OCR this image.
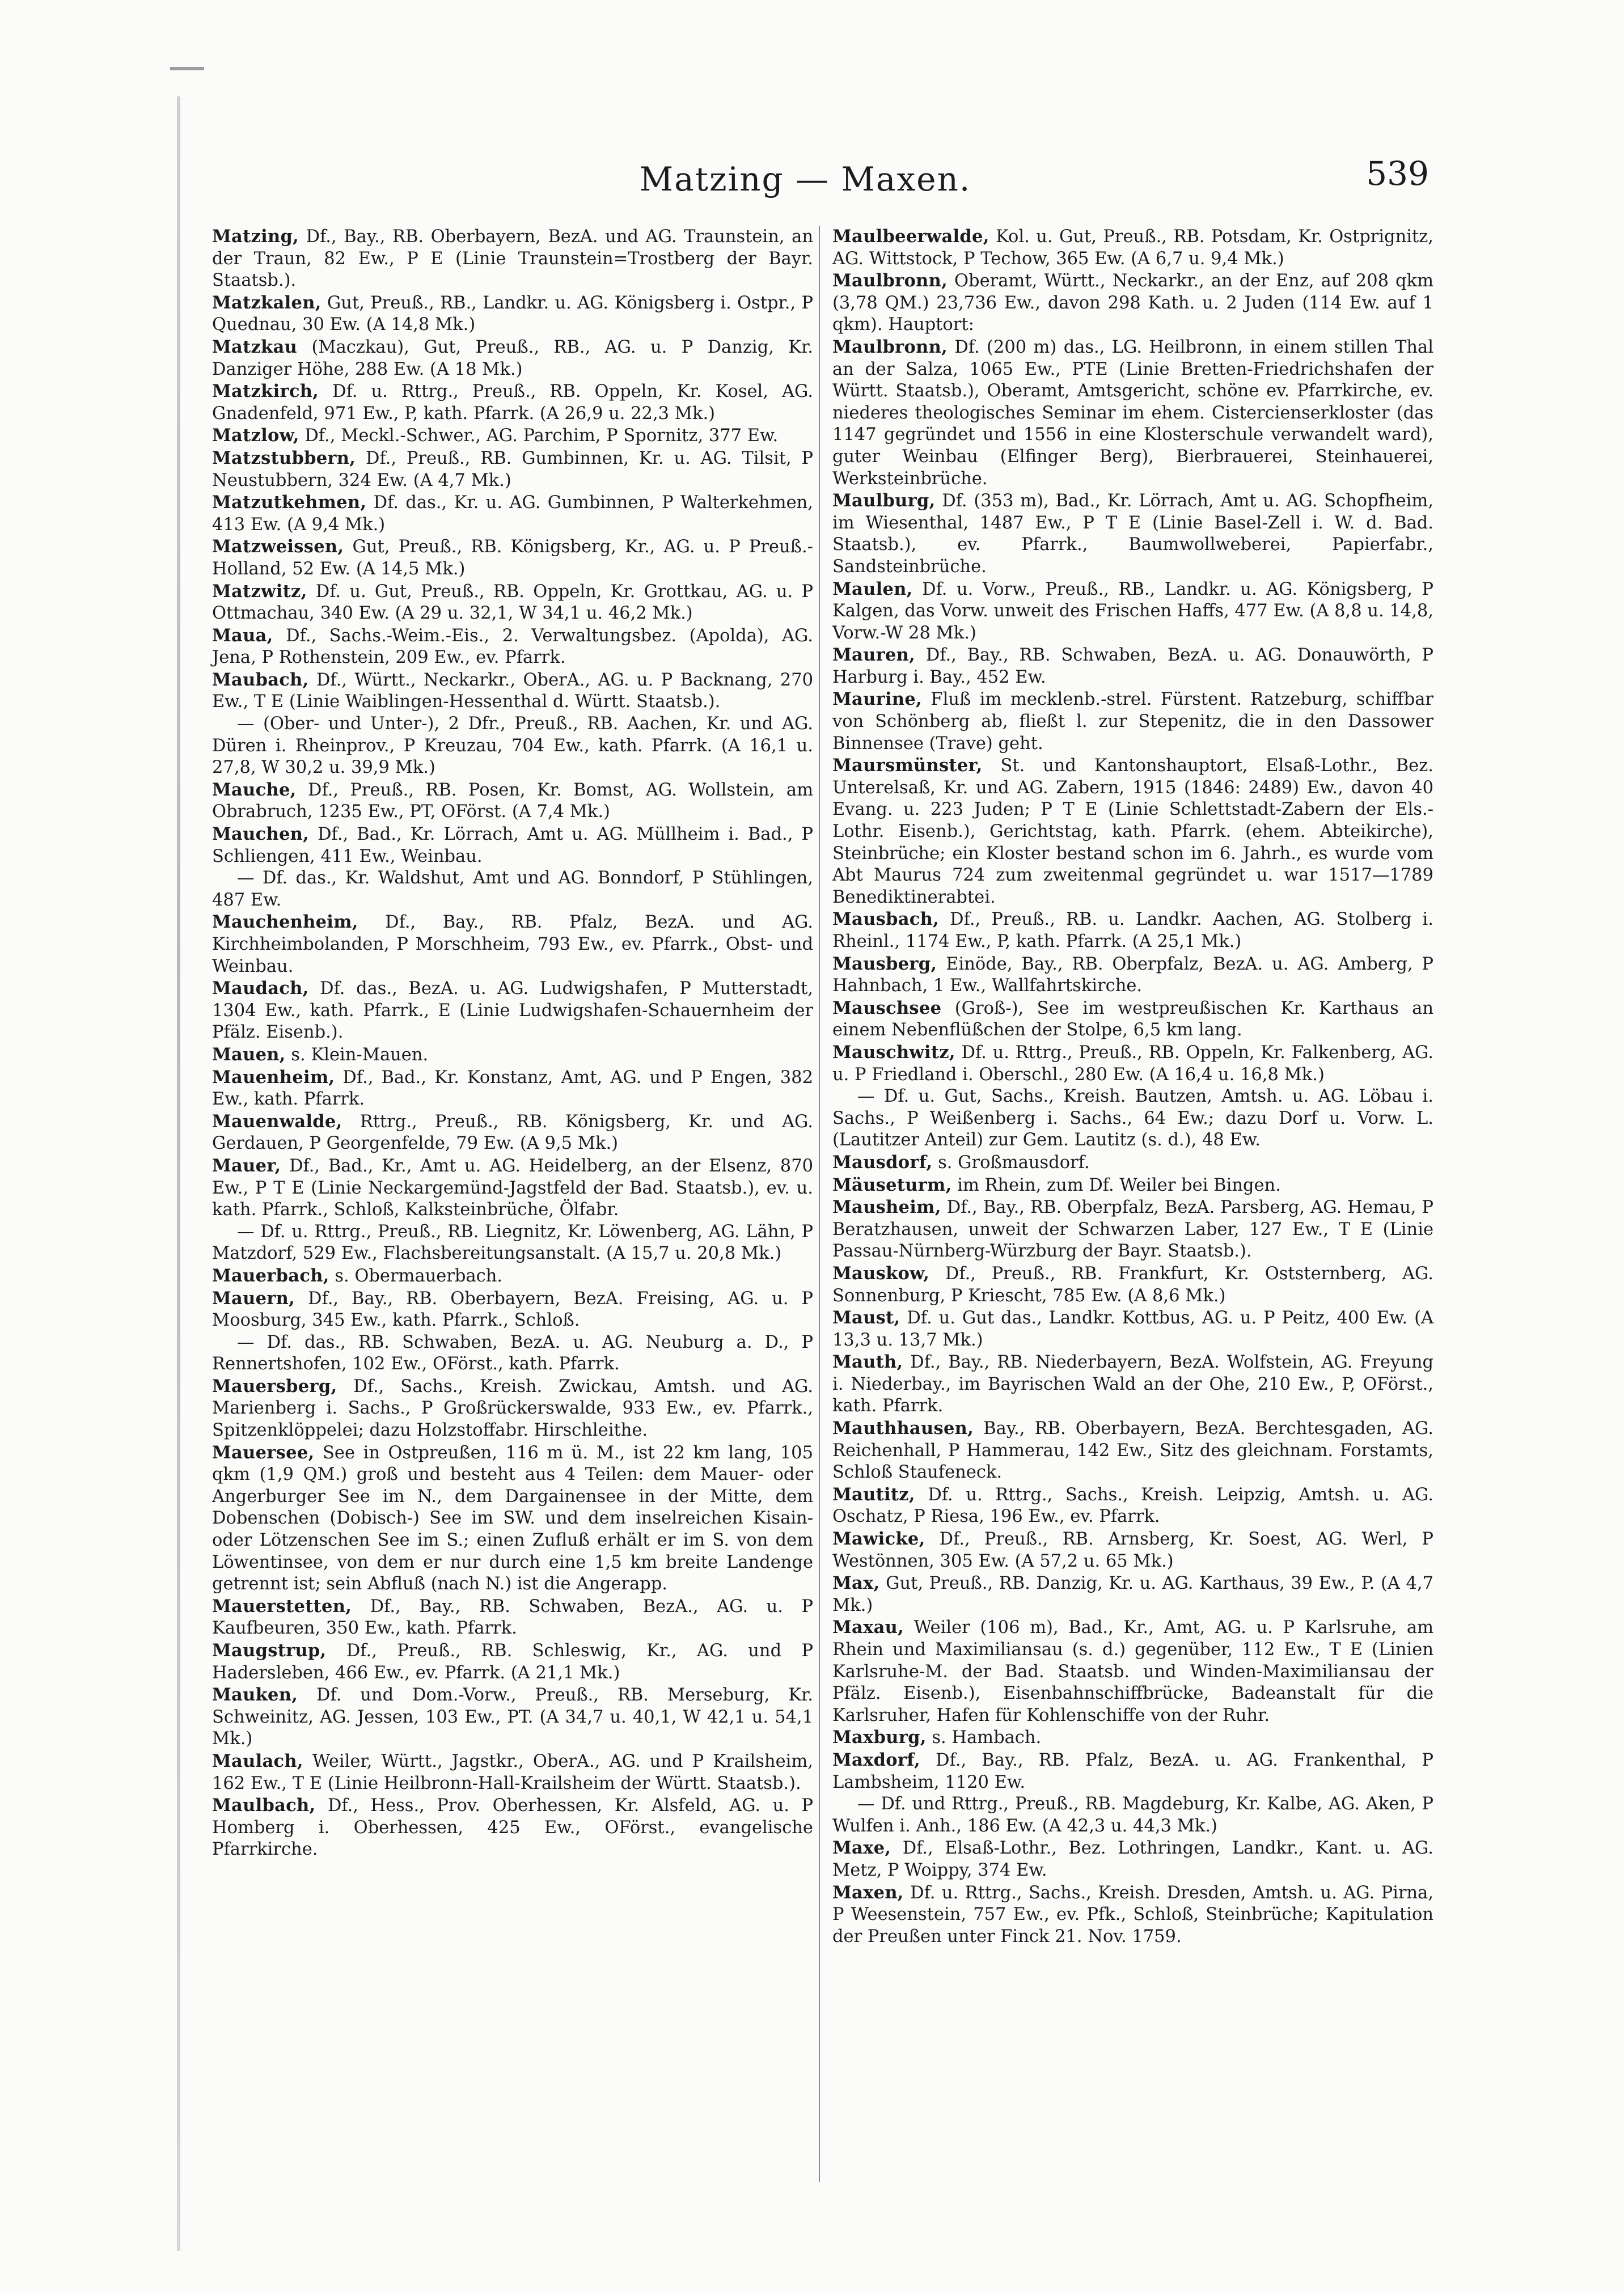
Matzing — Maxen.	539

Matzing, Df., Bay., RB. Oberbayern, BezA. und AG. Traunstein, an der Traun, 82 Ew., P E (Linie Traunstein=Trostberg der Bayr. Staatsb.).

Matzkalen, Gut, Preuß., RB., Landkr. u. AG. Königsberg i. Ostpr., P Quednau, 30 Ew. (A 14,8 Mk.)

Matzkau (Maczkau), Gut, Preuß., RB., AG. u. P Danzig, Kr. Danziger Höhe, 288 Ew. (A 18 Mk.)

Matzkirch, Df. u. Rttrg., Preuß., RB. Oppeln, Kr. Kosel, AG. Gnadenfeld, 971 Ew., P, kath. Pfarrk. (A 26,9 u. 22,3 Mk.)

Matzlow, Df., Meckl.-Schwer., AG. Parchim, P Spornitz, 377 Ew.

Matzstubbern, Df., Preuß., RB. Gumbinnen, Kr. u. AG. Tilsit, P Neustubbern, 324 Ew. (A 4,7 Mk.)

Matzutkehmen, Df. das., Kr. u. AG. Gumbinnen, P Walterkehmen, 413 Ew. (A 9,4 Mk.)

Matzweissen, Gut, Preuß., RB. Königsberg, Kr., AG. u. P Preuß.-Holland, 52 Ew. (A 14,5 Mk.)

Matzwitz, Df. u. Gut, Preuß., RB. Oppeln, Kr. Grottkau, AG. u. P Ottmachau, 340 Ew. (A 29 u. 32,1, W 34,1 u. 46,2 Mk.)

Maua, Df., Sachs.-Weim.-Eis., 2. Verwaltungsbez. (Apolda), AG. Jena, P Rothenstein, 209 Ew., ev. Pfarrk.

Maubach, Df., Württ., Neckarkr., OberA., AG. u. P Backnang, 270 Ew., T E (Linie Waiblingen-Hessenthal d. Württ. Staatsb.).

— (Ober- und Unter-), 2 Dfr., Preuß., RB. Aachen, Kr. und AG. Düren i. Rheinprov., P Kreuzau, 704 Ew., kath. Pfarrk. (A 16,1 u. 27,8, W 30,2 u. 39,9 Mk.)

Mauche, Df., Preuß., RB. Posen, Kr. Bomst, AG. Wollstein, am Obrabruch, 1235 Ew., PT, OFörst. (A 7,4 Mk.)

Mauchen, Df., Bad., Kr. Lörrach, Amt u. AG. Müllheim i. Bad., P Schliengen, 411 Ew., Weinbau.

— Df. das., Kr. Waldshut, Amt und AG. Bonndorf, P Stühlingen, 487 Ew.

Mauchenheim, Df., Bay., RB. Pfalz, BezA. und AG. Kirchheimbolanden, P Morschheim, 793 Ew., ev. Pfarrk., Obst- und Weinbau.

Maudach, Df. das., BezA. u. AG. Ludwigshafen, P Mutterstadt, 1304 Ew., kath. Pfarrk., E (Linie Ludwigshafen-Schauernheim der Pfälz. Eisenb.).

Mauen, s. Klein-Mauen.

Mauenheim, Df., Bad., Kr. Konstanz, Amt, AG. und P Engen, 382 Ew., kath. Pfarrk.

Mauenwalde, Rttrg., Preuß., RB. Königsberg, Kr. und AG. Gerdauen, P Georgenfelde, 79 Ew. (A 9,5 Mk.)

Mauer, Df., Bad., Kr., Amt u. AG. Heidelberg, an der Elsenz, 870 Ew., P T E (Linie Neckargemünd-Jagstfeld der Bad. Staatsb.), ev. u. kath. Pfarrk., Schloß, Kalksteinbrüche, Ölfabr.

— Df. u. Rttrg., Preuß., RB. Liegnitz, Kr. Löwenberg, AG. Lähn, P Matzdorf, 529 Ew., Flachsbereitungsanstalt. (A 15,7 u. 20,8 Mk.)

Mauerbach, s. Obermauerbach.

Mauern, Df., Bay., RB. Oberbayern, BezA. Freising, AG. u. P Moosburg, 345 Ew., kath. Pfarrk., Schloß.

— Df. das., RB. Schwaben, BezA. u. AG. Neuburg a. D., P Rennertshofen, 102 Ew., OFörst., kath. Pfarrk.

Mauersberg, Df., Sachs., Kreish. Zwickau, Amtsh. und AG. Marienberg i. Sachs., P Großrückerswalde, 933 Ew., ev. Pfarrk., Spitzenklöppelei; dazu Holzstoffabr. Hirschleithe.

Mauersee, See in Ostpreußen, 116 m ü. M., ist 22 km lang, 105 qkm (1,9 QM.) groß und besteht aus 4 Teilen: dem Mauer- oder Angerburger See im N., dem Dargainensee in der Mitte, dem Dobenschen (Dobisch-) See im SW. und dem inselreichen Kisain- oder Lötzenschen See im S.; einen Zufluß erhält er im S. von dem Löwentinsee, von dem er nur durch eine 1,5 km breite Landenge getrennt ist; sein Abfluß (nach N.) ist die Angerapp.

Mauerstetten, Df., Bay., RB. Schwaben, BezA., AG. u. P Kaufbeuren, 350 Ew., kath. Pfarrk.

Maugstrup, Df., Preuß., RB. Schleswig, Kr., AG. und P Hadersleben, 466 Ew., ev. Pfarrk. (A 21,1 Mk.)

Mauken, Df. und Dom.-Vorw., Preuß., RB. Merseburg, Kr. Schweinitz, AG. Jessen, 103 Ew., PT. (A 34,7 u. 40,1, W 42,1 u. 54,1 Mk.)

Maulach, Weiler, Württ., Jagstkr., OberA., AG. und P Krailsheim, 162 Ew., T E (Linie Heilbronn-Hall-Krailsheim der Württ. Staatsb.).

Maulbach, Df., Hess., Prov. Oberhessen, Kr. Alsfeld, AG. u. P Homberg i. Oberhessen, 425 Ew., OFörst., evangelische Pfarrkirche.

Maulbeerwalde, Kol. u. Gut, Preuß., RB. Potsdam, Kr. Ostprignitz, AG. Wittstock, P Techow, 365 Ew. (A 6,7 u. 9,4 Mk.)

Maulbronn, Oberamt, Württ., Neckarkr., an der Enz, auf 208 qkm (3,78 QM.) 23,736 Ew., davon 298 Kath. u. 2 Juden (114 Ew. auf 1 qkm). Hauptort:

Maulbronn, Df. (200 m) das., LG. Heilbronn, in einem stillen Thal an der Salza, 1065 Ew., PTE (Linie Bretten-Friedrichshafen der Württ. Staatsb.), Oberamt, Amtsgericht, schöne ev. Pfarrkirche, ev. niederes theologisches Seminar im ehem. Cistercienserkloster (das 1147 gegründet und 1556 in eine Klosterschule verwandelt ward), guter Weinbau (Elfinger Berg), Bierbrauerei, Steinhauerei, Werksteinbrüche.

Maulburg, Df. (353 m), Bad., Kr. Lörrach, Amt u. AG. Schopfheim, im Wiesenthal, 1487 Ew., P T E (Linie Basel-Zell i. W. d. Bad. Staatsb.), ev. Pfarrk., Baumwollweberei, Papierfabr., Sandsteinbrüche.

Maulen, Df. u. Vorw., Preuß., RB., Landkr. u. AG. Königsberg, P Kalgen, das Vorw. unweit des Frischen Haffs, 477 Ew. (A 8,8 u. 14,8, Vorw.-W 28 Mk.)

Mauren, Df., Bay., RB. Schwaben, BezA. u. AG. Donauwörth, P Harburg i. Bay., 452 Ew.

Maurine, Fluß im mecklenb.-strel. Fürstent. Ratzeburg, schiffbar von Schönberg ab, fließt l. zur Stepenitz, die in den Dassower Binnensee (Trave) geht.

Maursmünster, St. und Kantonshauptort, Elsaß-Lothr., Bez. Unterelsaß, Kr. und AG. Zabern, 1915 (1846: 2489) Ew., davon 40 Evang. u. 223 Juden; P T E (Linie Schlettstadt-Zabern der Els.-Lothr. Eisenb.), Gerichtstag, kath. Pfarrk. (ehem. Abteikirche), Steinbrüche; ein Kloster bestand schon im 6. Jahrh., es wurde vom Abt Maurus 724 zum zweitenmal gegründet u. war 1517—1789 Benediktinerabtei.

Mausbach, Df., Preuß., RB. u. Landkr. Aachen, AG. Stolberg i. Rheinl., 1174 Ew., P, kath. Pfarrk. (A 25,1 Mk.)

Mausberg, Einöde, Bay., RB. Oberpfalz, BezA. u. AG. Amberg, P Hahnbach, 1 Ew., Wallfahrtskirche.

Mauschsee (Groß-), See im westpreußischen Kr. Karthaus an einem Nebenflüßchen der Stolpe, 6,5 km lang.

Mauschwitz, Df. u. Rttrg., Preuß., RB. Oppeln, Kr. Falkenberg, AG. u. P Friedland i. Oberschl., 280 Ew. (A 16,4 u. 16,8 Mk.)

— Df. u. Gut, Sachs., Kreish. Bautzen, Amtsh. u. AG. Löbau i. Sachs., P Weißenberg i. Sachs., 64 Ew.; dazu Dorf u. Vorw. L. (Lautitzer Anteil) zur Gem. Lautitz (s. d.), 48 Ew.

Mausdorf, s. Großmausdorf.

Mäuseturm, im Rhein, zum Df. Weiler bei Bingen.

Mausheim, Df., Bay., RB. Oberpfalz, BezA. Parsberg, AG. Hemau, P Beratzhausen, unweit der Schwarzen Laber, 127 Ew., T E (Linie Passau-Nürnberg-Würzburg der Bayr. Staatsb.).

Mauskow, Df., Preuß., RB. Frankfurt, Kr. Oststernberg, AG. Sonnenburg, P Kriescht, 785 Ew. (A 8,6 Mk.)

Maust, Df. u. Gut das., Landkr. Kottbus, AG. u. P Peitz, 400 Ew. (A 13,3 u. 13,7 Mk.)

Mauth, Df., Bay., RB. Niederbayern, BezA. Wolfstein, AG. Freyung i. Niederbay., im Bayrischen Wald an der Ohe, 210 Ew., P, OFörst., kath. Pfarrk.

Mauthhausen, Bay., RB. Oberbayern, BezA. Berchtesgaden, AG. Reichenhall, P Hammerau, 142 Ew., Sitz des gleichnam. Forstamts, Schloß Staufeneck.

Mautitz, Df. u. Rttrg., Sachs., Kreish. Leipzig, Amtsh. u. AG. Oschatz, P Riesa, 196 Ew., ev. Pfarrk.

Mawicke, Df., Preuß., RB. Arnsberg, Kr. Soest, AG. Werl, P Westönnen, 305 Ew. (A 57,2 u. 65 Mk.)

Max, Gut, Preuß., RB. Danzig, Kr. u. AG. Karthaus, 39 Ew., P. (A 4,7 Mk.)

Maxau, Weiler (106 m), Bad., Kr., Amt, AG. u. P Karlsruhe, am Rhein und Maximiliansau (s. d.) gegenüber, 112 Ew., T E (Linien Karlsruhe-M. der Bad. Staatsb. und Winden-Maximiliansau der Pfälz. Eisenb.), Eisenbahnschiffbrücke, Badeanstalt für die Karlsruher, Hafen für Kohlenschiffe von der Ruhr.

Maxburg, s. Hambach.

Maxdorf, Df., Bay., RB. Pfalz, BezA. u. AG. Frankenthal, P Lambsheim, 1120 Ew.

— Df. und Rttrg., Preuß., RB. Magdeburg, Kr. Kalbe, AG. Aken, P Wulfen i. Anh., 186 Ew. (A 42,3 u. 44,3 Mk.)

Maxe, Df., Elsaß-Lothr., Bez. Lothringen, Landkr., Kant. u. AG. Metz, P Woippy, 374 Ew.

Maxen, Df. u. Rttrg., Sachs., Kreish. Dresden, Amtsh. u. AG. Pirna, P Weesenstein, 757 Ew., ev. Pfk., Schloß, Steinbrüche; Kapitulation der Preußen unter Finck 21. Nov. 1759.
